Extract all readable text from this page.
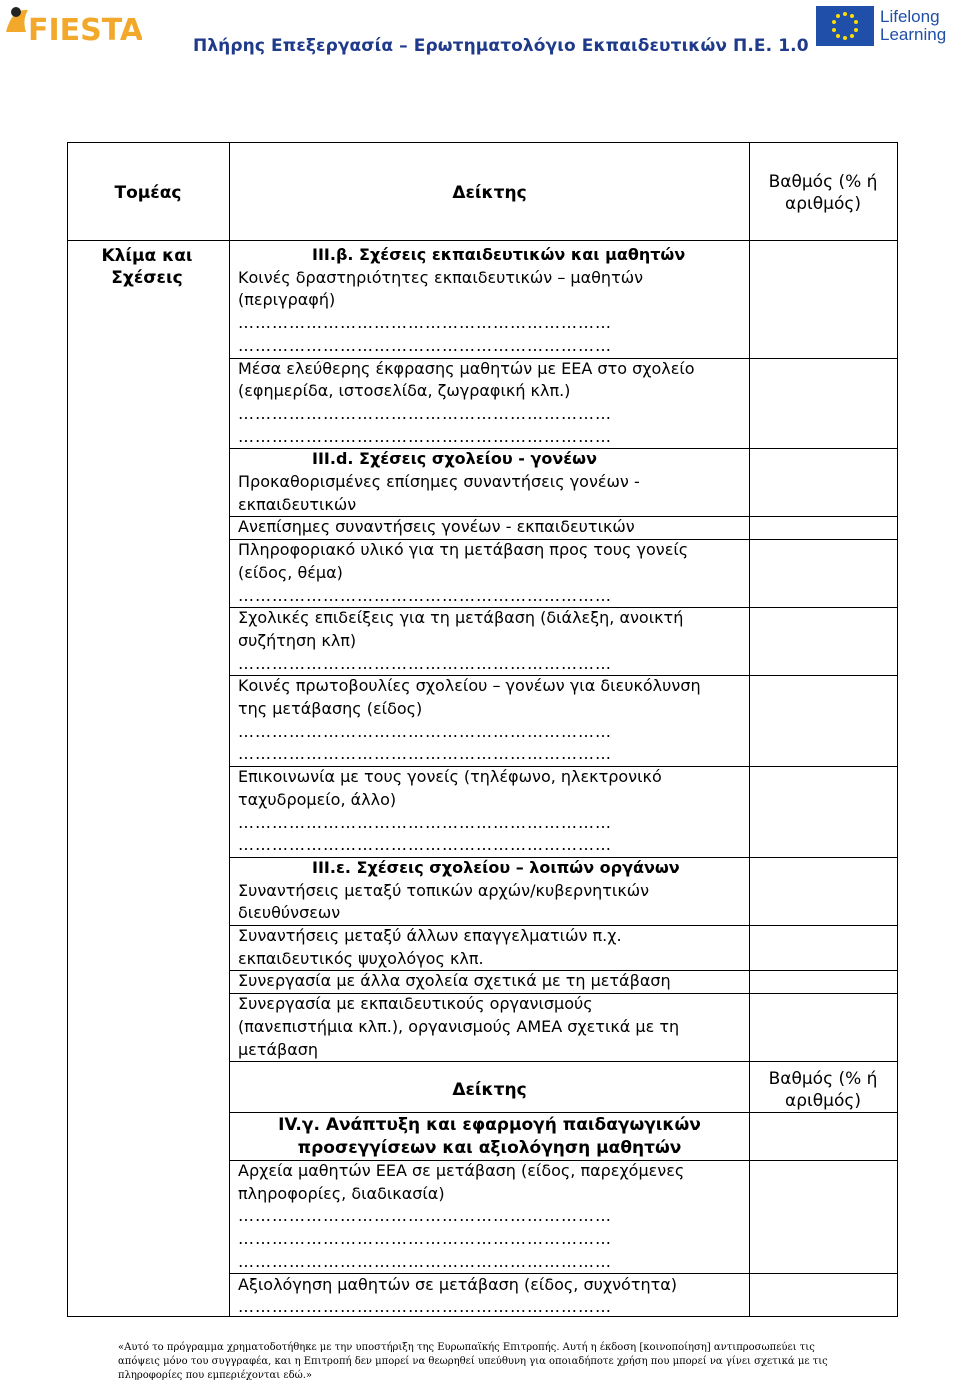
FIESTA	Πλήρης Επεξεργασία – Ερωτηματολόγιο Εκπαιδευτικών Π.Ε. 1.0
Lifelong
Learning
Τομέας	Δείκτης
Βαθμός (% ή αριθμός)
Κλίμα και Σχέσεις
III.β. Σχέσεις εκπαιδευτικών και μαθητών
Κοινές δραστηριότητες εκπαιδευτικών – μαθητών
(περιγραφή)
…………………………………………………………
…………………………………………………………
Μέσα ελεύθερης έκφρασης μαθητών με ΕΕΑ στο σχολείο
(εφημερίδα, ιστοσελίδα, ζωγραφική κλπ.)
…………………………………………………………
…………………………………………………………
III.d. Σχέσεις σχολείου - γονέων
Προκαθορισμένες επίσημες συναντήσεις γονέων -
εκπαιδευτικών
Ανεπίσημες συναντήσεις γονέων - εκπαιδευτικών
Πληροφοριακό υλικό για τη μετάβαση προς τους γονείς
(είδος, θέμα)
…………………………………………………………
Σχολικές επιδείξεις για τη μετάβαση (διάλεξη, ανοικτή
συζήτηση κλπ)
…………………………………………………………
Κοινές πρωτοβουλίες σχολείου – γονέων για διευκόλυνση
της μετάβασης (είδος)
…………………………………………………………
…………………………………………………………
Επικοινωνία με τους γονείς (τηλέφωνο, ηλεκτρονικό
ταχυδρομείο, άλλο)
…………………………………………………………
…………………………………………………………
III.ε. Σχέσεις σχολείου – λοιπών οργάνων
Συναντήσεις μεταξύ τοπικών αρχών/κυβερνητικών
διευθύνσεων
Συναντήσεις μεταξύ άλλων επαγγελματιών π.χ.
εκπαιδευτικός ψυχολόγος κλπ.
Συνεργασία με άλλα σχολεία σχετικά με τη μετάβαση
Συνεργασία με εκπαιδευτικούς οργανισμούς
(πανεπιστήμια κλπ.), οργανισμούς ΑΜΕΑ σχετικά με τη
μετάβαση
Δείκτης
Βαθμός (% ή αριθμός)
IV.γ. Ανάπτυξη και εφαρμογή παιδαγωγικών
προσεγγίσεων και αξιολόγηση μαθητών
Αρχεία μαθητών ΕΕΑ σε μετάβαση (είδος, παρεχόμενες
πληροφορίες, διαδικασία)
…………………………………………………………
…………………………………………………………
…………………………………………………………
Αξιολόγηση μαθητών σε μετάβαση (είδος, συχνότητα)
…………………………………………………………
«Αυτό το πρόγραμμα χρηματοδοτήθηκε με την υποστήριξη της Ευρωπαϊκής Επιτροπής. Αυτή η έκδοση [κοινοποίηση] αντιπροσωπεύει τις απόψεις μόνο του συγγραφέα, και η Επιτροπή δεν μπορεί να θεωρηθεί υπεύθυνη για οποιαδήποτε χρήση που μπορεί να γίνει σχετικά με τις πληροφορίες που εμπεριέχονται εδώ.»
